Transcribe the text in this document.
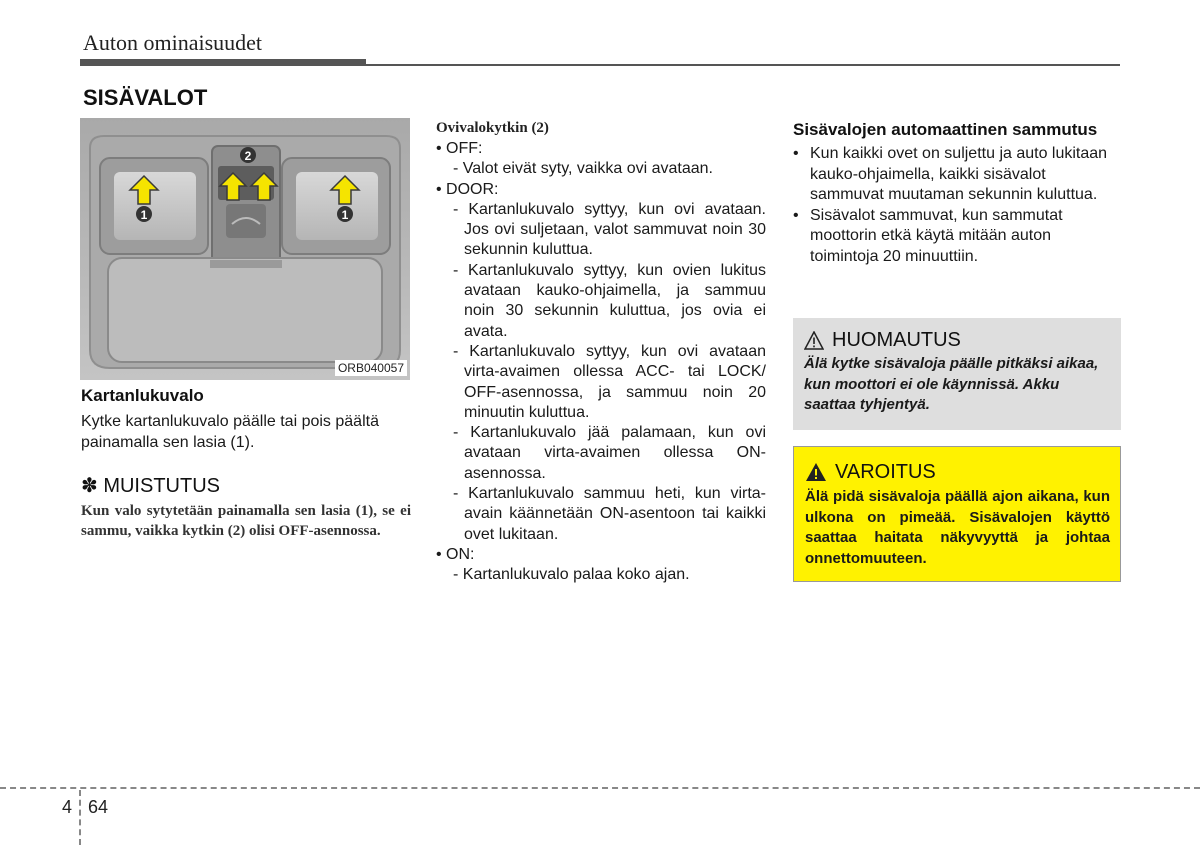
Auton ominaisuudet
SISÄVALOT
1	1
2
ORB040057
Kartanlukuvalo
Kytke kartanlukuvalo päälle tai pois päältä painamalla sen lasia (1).
✽ MUISTUTUS
Kun valo sytytetään painamalla sen lasia (1), se ei sammu, vaikka kytkin (2) olisi OFF-asennossa.
Ovivalokytkin (2)
• OFF:
- Valot eivät syty, vaikka ovi avataan.
• DOOR:
- Kartanlukuvalo syttyy, kun ovi avataan. Jos ovi suljetaan, valot sammuvat noin 30 sekunnin kuluttua.
- Kartanlukuvalo syttyy, kun ovien lukitus avataan kauko-ohjaimella, ja sammuu noin 30 sekunnin kuluttua, jos ovia ei avata.
- Kartanlukuvalo syttyy, kun ovi avataan virta-avaimen ollessa ACC- tai LOCK/ OFF-asennossa, ja sammuu noin 20 minuutin kuluttua.
- Kartanlukuvalo jää palamaan, kun ovi avataan virta-avaimen ollessa ON-asennossa.
- Kartanlukuvalo sammuu heti, kun virta-avain käännetään ON-asentoon tai kaikki ovet lukitaan.
• ON:
- Kartanlukuvalo palaa koko ajan.
Sisävalojen automaattinen sammutus
• Kun kaikki ovet on suljettu ja auto lukitaan kauko-ohjaimella, kaikki sisävalot sammuvat muutaman sekunnin kuluttua.
• Sisävalot sammuvat, kun sammutat moottorin etkä käytä mitään auton toimintoja 20 minuuttiin.
HUOMAUTUS
Älä kytke sisävaloja päälle pitkäksi aikaa, kun moottori ei ole käynnissä. Akku saattaa tyhjentyä.
VAROITUS
Älä pidä sisävaloja päällä ajon aikana, kun ulkona on pimeää. Sisävalojen käyttö saattaa haitata näkyvyyttä ja johtaa onnettomuuteen.
4 64
